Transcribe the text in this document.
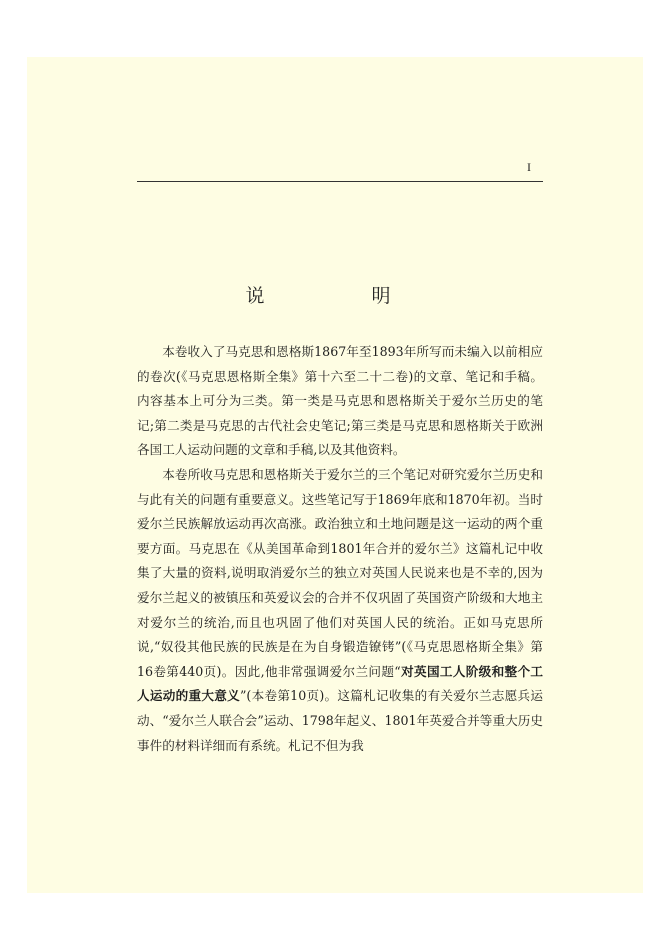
I
说　明

本卷收入了马克思和恩格斯1867年至1893年所写而未编入以前相应的卷次(《马克思恩格斯全集》第十六至二十二卷)的文章、笔记和手稿。内容基本上可分为三类。第一类是马克思和恩格斯关于爱尔兰历史的笔记;第二类是马克思的古代社会史笔记;第三类是马克思和恩格斯关于欧洲各国工人运动问题的文章和手稿,以及其他资料。

本卷所收马克思和恩格斯关于爱尔兰的三个笔记对研究爱尔兰历史和与此有关的问题有重要意义。这些笔记写于1869年底和1870年初。当时爱尔兰民族解放运动再次高涨。政治独立和土地问题是这一运动的两个重要方面。马克思在《从美国革命到1801年合并的爱尔兰》这篇札记中收集了大量的资料,说明取消爱尔兰的独立对英国人民说来也是不幸的,因为爱尔兰起义的被镇压和英爱议会的合并不仅巩固了英国资产阶级和大地主对爱尔兰的统治,而且也巩固了他们对英国人民的统治。正如马克思所说,“奴役其他民族的民族是在为自身锻造镣铐”(《马克思恩格斯全集》第16卷第440页)。因此,他非常强调爱尔兰问题“对英国工人阶级和整个工人运动的重大意义”(本卷第10页)。这篇札记收集的有关爱尔兰志愿兵运动、“爱尔兰人联合会”运动、1798年起义、1801年英爱合并等重大历史事件的材料详细而有系统。札记不但为我
